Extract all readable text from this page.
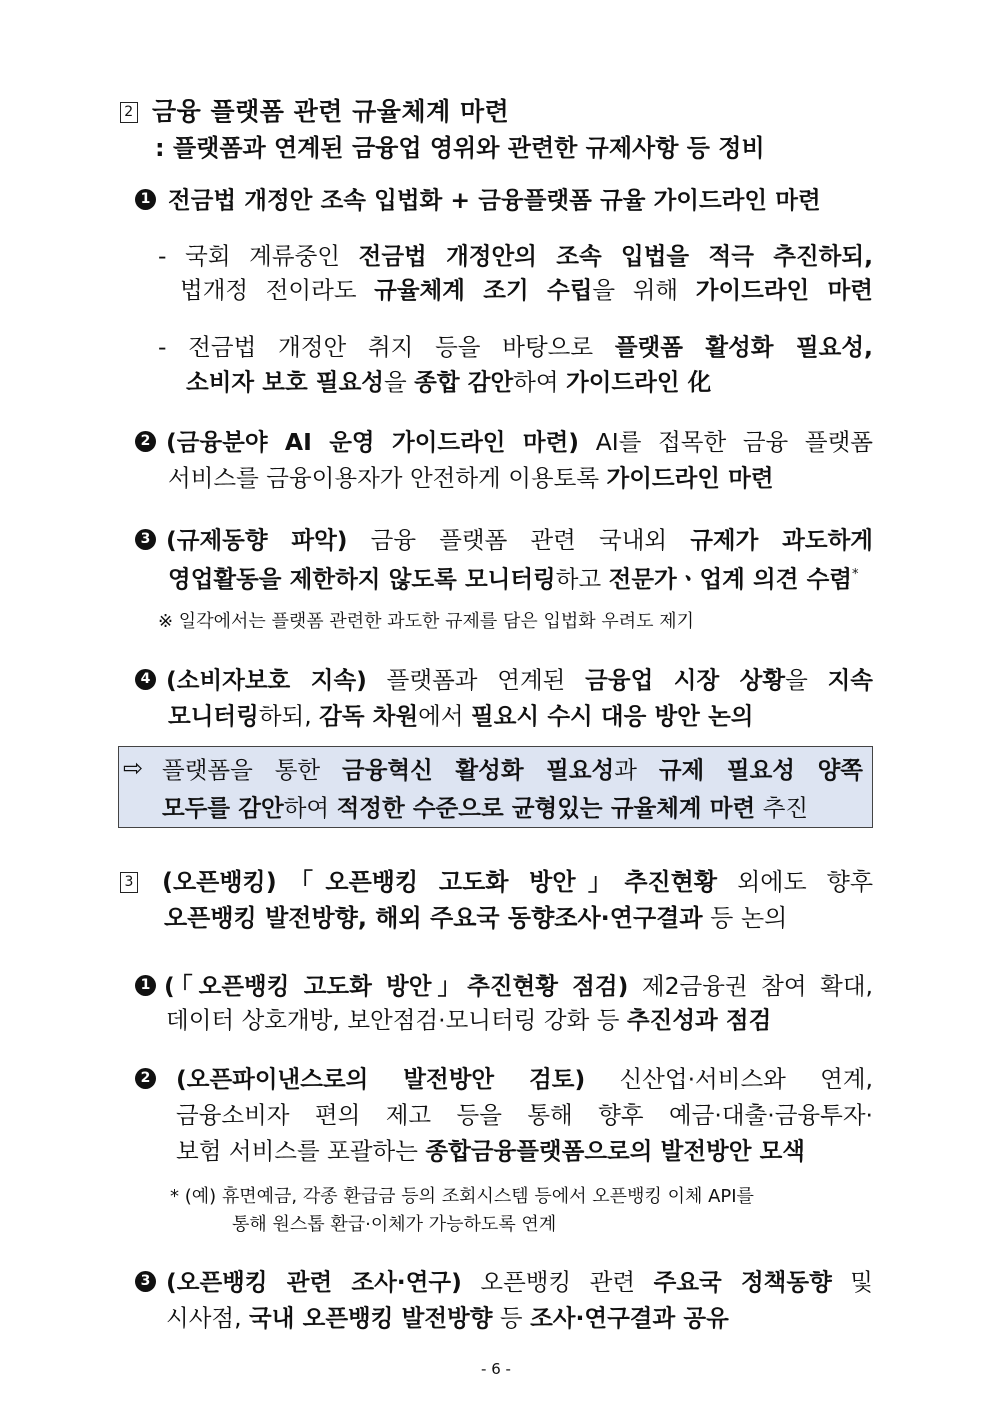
2 금융 플랫폼 관련 규율체계 마련
: 플랫폼과 연계된 금융업 영위와 관련한 규제사항 등 정비
1 전금법 개정안 조속 입법화 + 금융플랫폼 규율 가이드라인 마련
- 국회 계류중인 전금법 개정안의 조속 입법을 적극 추진하되,
법개정 전이라도 규율체계 조기 수립을 위해 가이드라인 마련
- 전금법 개정안 취지 등을 바탕으로 플랫폼 활성화 필요성,
소비자 보호 필요성을 종합 감안하여 가이드라인 化
2 (금융분야 AI 운영 가이드라인 마련) AI를 접목한 금융 플랫폼
서비스를 금융이용자가 안전하게 이용토록 가이드라인 마련
3 (규제동향 파악) 금융 플랫폼 관련 국내외 규제가 과도하게
영업활동을 제한하지 않도록 모니터링하고 전문가ㆍ업계 의견 수렴*
※ 일각에서는 플랫폼 관련한 과도한 규제를 담은 입법화 우려도 제기
4 (소비자보호 지속) 플랫폼과 연계된 금융업 시장 상황을 지속
모니터링하되, 감독 차원에서 필요시 수시 대응 방안 논의
⇨ 플랫폼을 통한 금융혁신 활성화 필요성과 규제 필요성 양쪽
모두를 감안하여 적정한 수준으로 균형있는 규율체계 마련 추진
3	(오픈뱅킹)「오픈뱅킹 고도화 방안」추진현황 외에도 향후
오픈뱅킹 발전방향, 해외 주요국 동향조사·연구결과 등 논의
1 (「오픈뱅킹 고도화 방안」추진현황 점검) 제2금융권 참여 확대,
데이터 상호개방, 보안점검·모니터링 강화 등 추진성과 점검
2 (오픈파이낸스로의 발전방안 검토) 신산업·서비스와 연계,
금융소비자 편의 제고 등을 통해 향후 예금·대출·금융투자·
보험 서비스를 포괄하는 종합금융플랫폼으로의 발전방안 모색
* (예) 휴면예금, 각종 환급금 등의 조회시스템 등에서 오픈뱅킹 이체 API를
통해 원스톱 환급·이체가 가능하도록 연계
3 (오픈뱅킹 관련 조사·연구) 오픈뱅킹 관련 주요국 정책동향 및
시사점, 국내 오픈뱅킹 발전방향 등 조사·연구결과 공유
- 6 -
